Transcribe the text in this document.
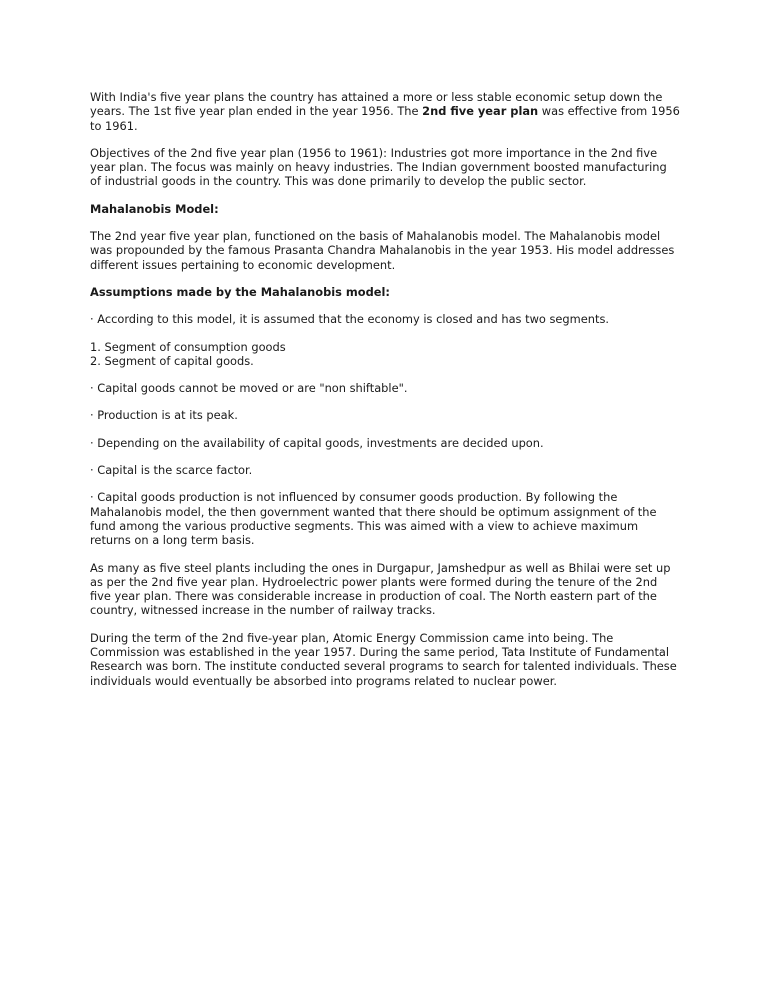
With India's five year plans the country has attained a more or less stable economic setup down the years. The 1st five year plan ended in the year 1956. The 2nd five year plan was effective from 1956 to 1961.

Objectives of the 2nd five year plan (1956 to 1961): Industries got more importance in the 2nd five year plan. The focus was mainly on heavy industries. The Indian government boosted manufacturing of industrial goods in the country. This was done primarily to develop the public sector.

Mahalanobis Model:

The 2nd year five year plan, functioned on the basis of Mahalanobis model. The Mahalanobis model was propounded by the famous Prasanta Chandra Mahalanobis in the year 1953. His model addresses different issues pertaining to economic development.

Assumptions made by the Mahalanobis model:

· According to this model, it is assumed that the economy is closed and has two segments.

1. Segment of consumption goods
2. Segment of capital goods.

· Capital goods cannot be moved or are "non shiftable".

· Production is at its peak.

· Depending on the availability of capital goods, investments are decided upon.

· Capital is the scarce factor.

· Capital goods production is not influenced by consumer goods production. By following the Mahalanobis model, the then government wanted that there should be optimum assignment of the fund among the various productive segments. This was aimed with a view to achieve maximum returns on a long term basis.

As many as five steel plants including the ones in Durgapur, Jamshedpur as well as Bhilai were set up as per the 2nd five year plan. Hydroelectric power plants were formed during the tenure of the 2nd five year plan. There was considerable increase in production of coal. The North eastern part of the country, witnessed increase in the number of railway tracks.

During the term of the 2nd five-year plan, Atomic Energy Commission came into being. The Commission was established in the year 1957. During the same period, Tata Institute of Fundamental Research was born. The institute conducted several programs to search for talented individuals. These individuals would eventually be absorbed into programs related to nuclear power.
